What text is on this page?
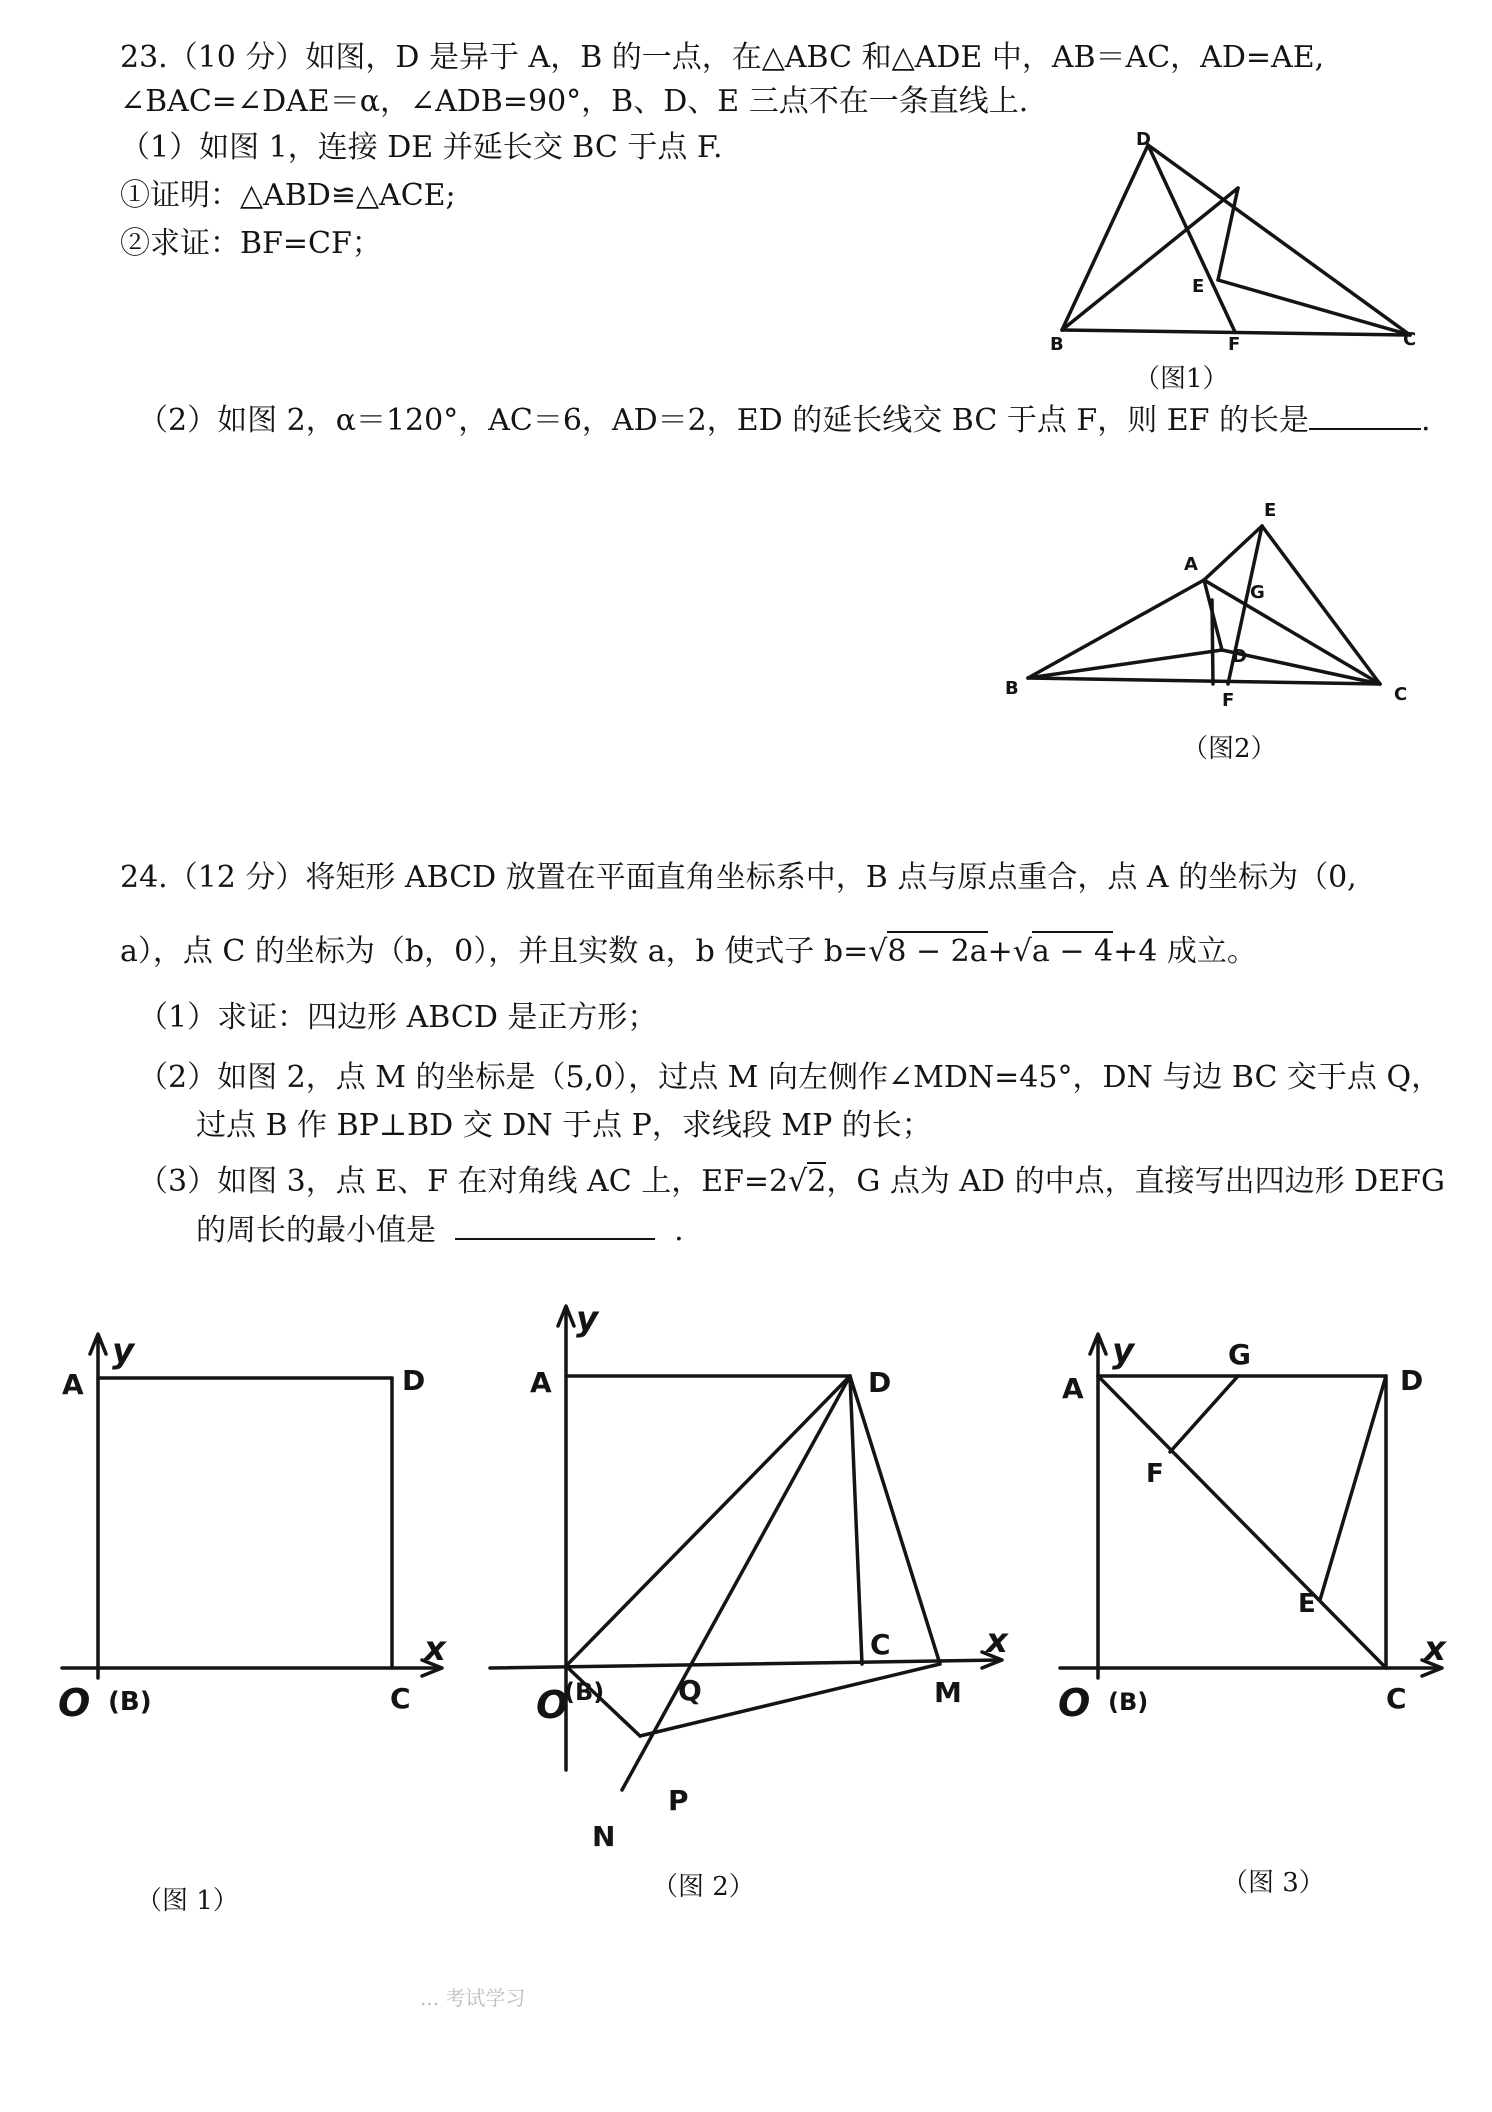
23.（10 分）如图，D 是异于 A，B 的一点，在△ABC 和△ADE 中，AB＝AC，AD=AE,
∠BAC=∠DAE＝α，∠ADB=90°，B、D、E 三点不在一条直线上.
（1）如图 1，连接 DE 并延长交 BC 于点 F.
①证明：△ABD≌△ACE;
②求证：BF=CF；
（2）如图 2，α＝120°，AC＝6，AD＝2，ED 的延长线交 BC 于点 F，则 EF 的长是	.
D
E
B	F	C
（图1）
E
A
G
D
B
F	C
（图2）
24.（12 分）将矩形 ABCD 放置在平面直角坐标系中，B 点与原点重合，点 A 的坐标为（0,
a），点 C 的坐标为（b，0），并且实数 a，b 使式子 b=√8 − 2a+√a − 4+4 成立。
（1）求证：四边形 ABCD 是正方形；
（2）如图 2，点 M 的坐标是（5,0），过点 M 向左侧作∠MDN=45°，DN 与边 BC 交于点 Q，
过点 B 作 BP⊥BD 交 DN 于点 P，求线段 MP 的长；
（3）如图 3，点 E、F 在对角线 AC 上，EF=2√2，G 点为 AD 的中点，直接写出四边形 DEFG
的周长的最小值是	.
y
x
A	D
O (B)	C
（图 1）
y
x
A	D
C
O
(B)	Q	M
P
N
（图 2）
y
x
A
G
D
F
E
O (B)	C
（图 3）
... 考试学习
